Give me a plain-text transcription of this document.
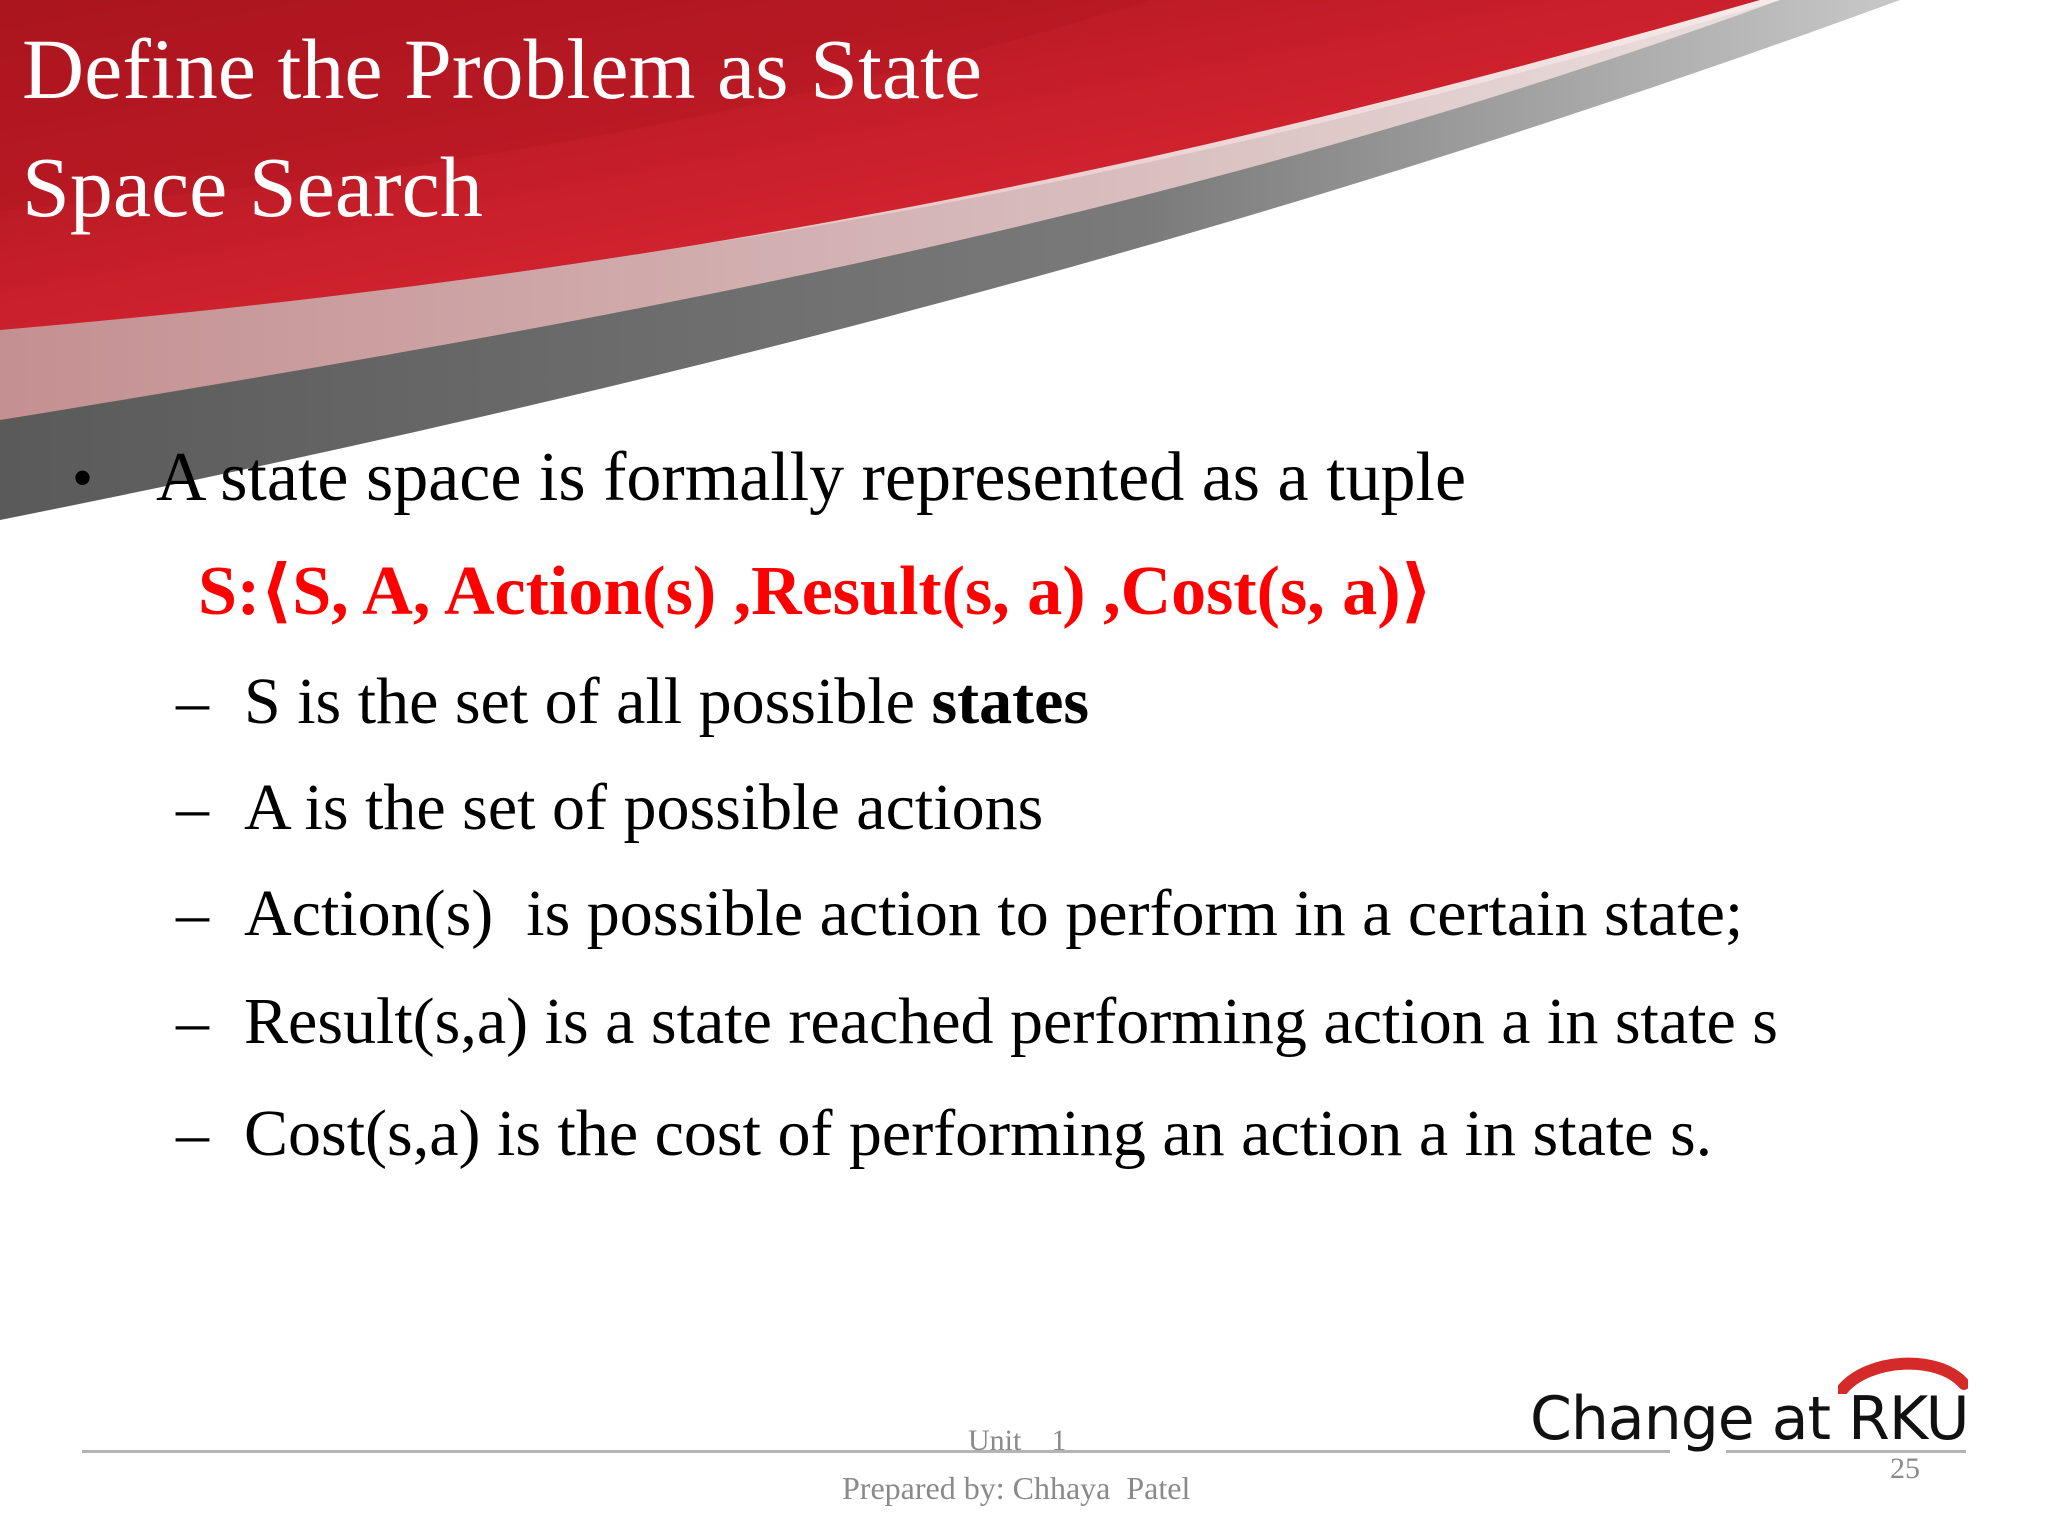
Define the Problem as State
Space Search
• A state space is formally represented as a tuple
S:⟨S, A, Action(s) ,Result(s, a) ,Cost(s, a)⟩
– S is the set of all possible states
– A is the set of possible actions
– Action(s)  is possible action to perform in a certain state;
– Result(s,a) is a state reached performing action a in state s
– Cost(s,a) is the cost of performing an action a in state s.
Unit    1
Prepared by: Chhaya  Patel
25
Change at RKU
